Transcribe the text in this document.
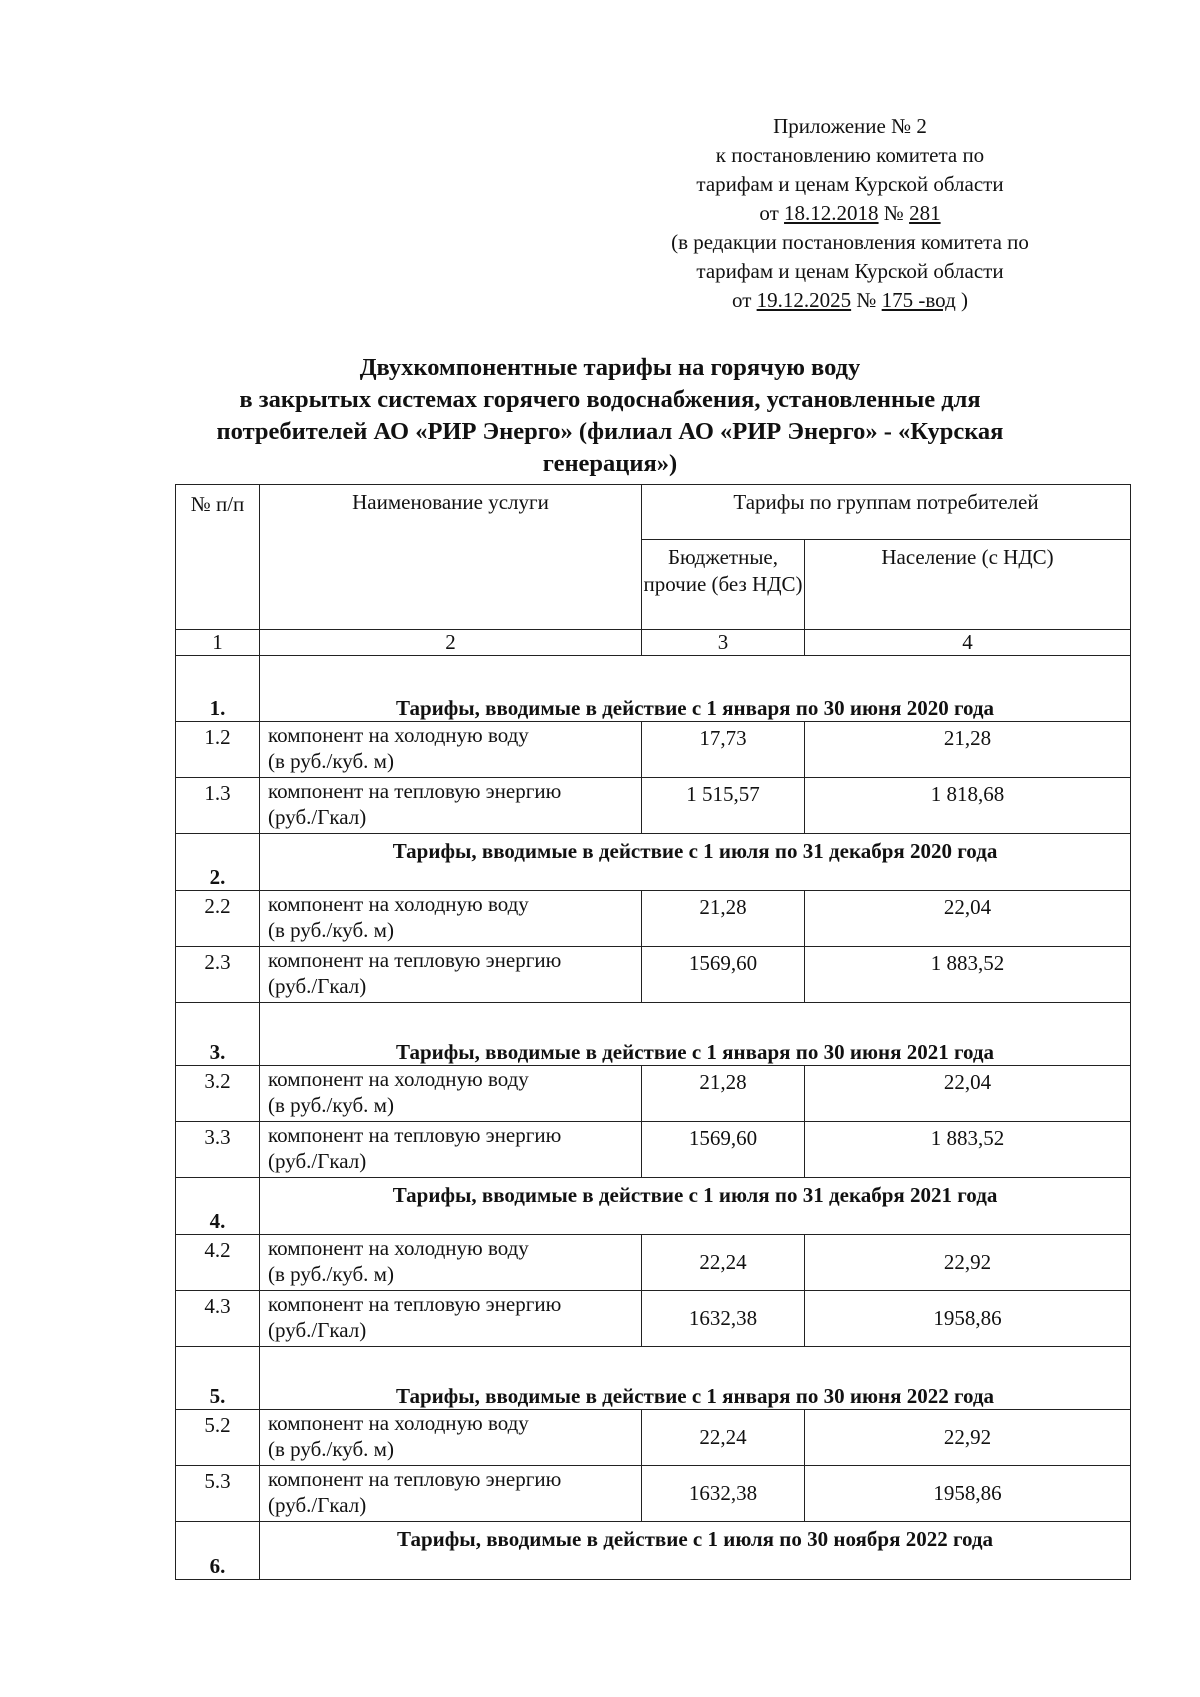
Приложение № 2
к постановлению комитета по
тарифам и ценам Курской области
от 18.12.2018 № 281
(в редакции постановления комитета по
тарифам и ценам Курской области
от 19.12.2025 № 175 -вод )
Двухкомпонентные тарифы на горячую воду
в закрытых системах горячего водоснабжения, установленные для
потребителей АО «РИР Энерго» (филиал АО «РИР Энерго» - «Курская
генерация»)
№ п/п	Наименование услуги	Тарифы по группам потребителей	
		Бюджетные, прочие (без НДС)	Население (с НДС)
1	2	3	4
1.	Тарифы, вводимые в действие с 1 января по 30 июня 2020 года		
1.2	компонент на холодную воду
(в руб./куб. м)	17,73	21,28
1.3	компонент на тепловую энергию
(руб./Гкал)	1 515,57	1 818,68
2.	Тарифы, вводимые в действие с 1 июля по 31 декабря 2020 года		
2.2	компонент на холодную воду
(в руб./куб. м)	21,28	22,04
2.3	компонент на тепловую энергию
(руб./Гкал)	1569,60	1 883,52
3.	Тарифы, вводимые в действие с 1 января по 30 июня 2021 года		
3.2	компонент на холодную воду
(в руб./куб. м)	21,28	22,04
3.3	компонент на тепловую энергию
(руб./Гкал)	1569,60	1 883,52
4.	Тарифы, вводимые в действие с 1 июля по 31 декабря 2021 года		
4.2	компонент на холодную воду
(в руб./куб. м)	22,24	22,92
4.3	компонент на тепловую энергию
(руб./Гкал)	1632,38	1958,86
5.	Тарифы, вводимые в действие с 1 января по 30 июня 2022 года		
5.2	компонент на холодную воду
(в руб./куб. м)	22,24	22,92
5.3	компонент на тепловую энергию
(руб./Гкал)	1632,38	1958,86
6.	Тарифы, вводимые в действие с 1 июля по 30 ноября 2022 года		
